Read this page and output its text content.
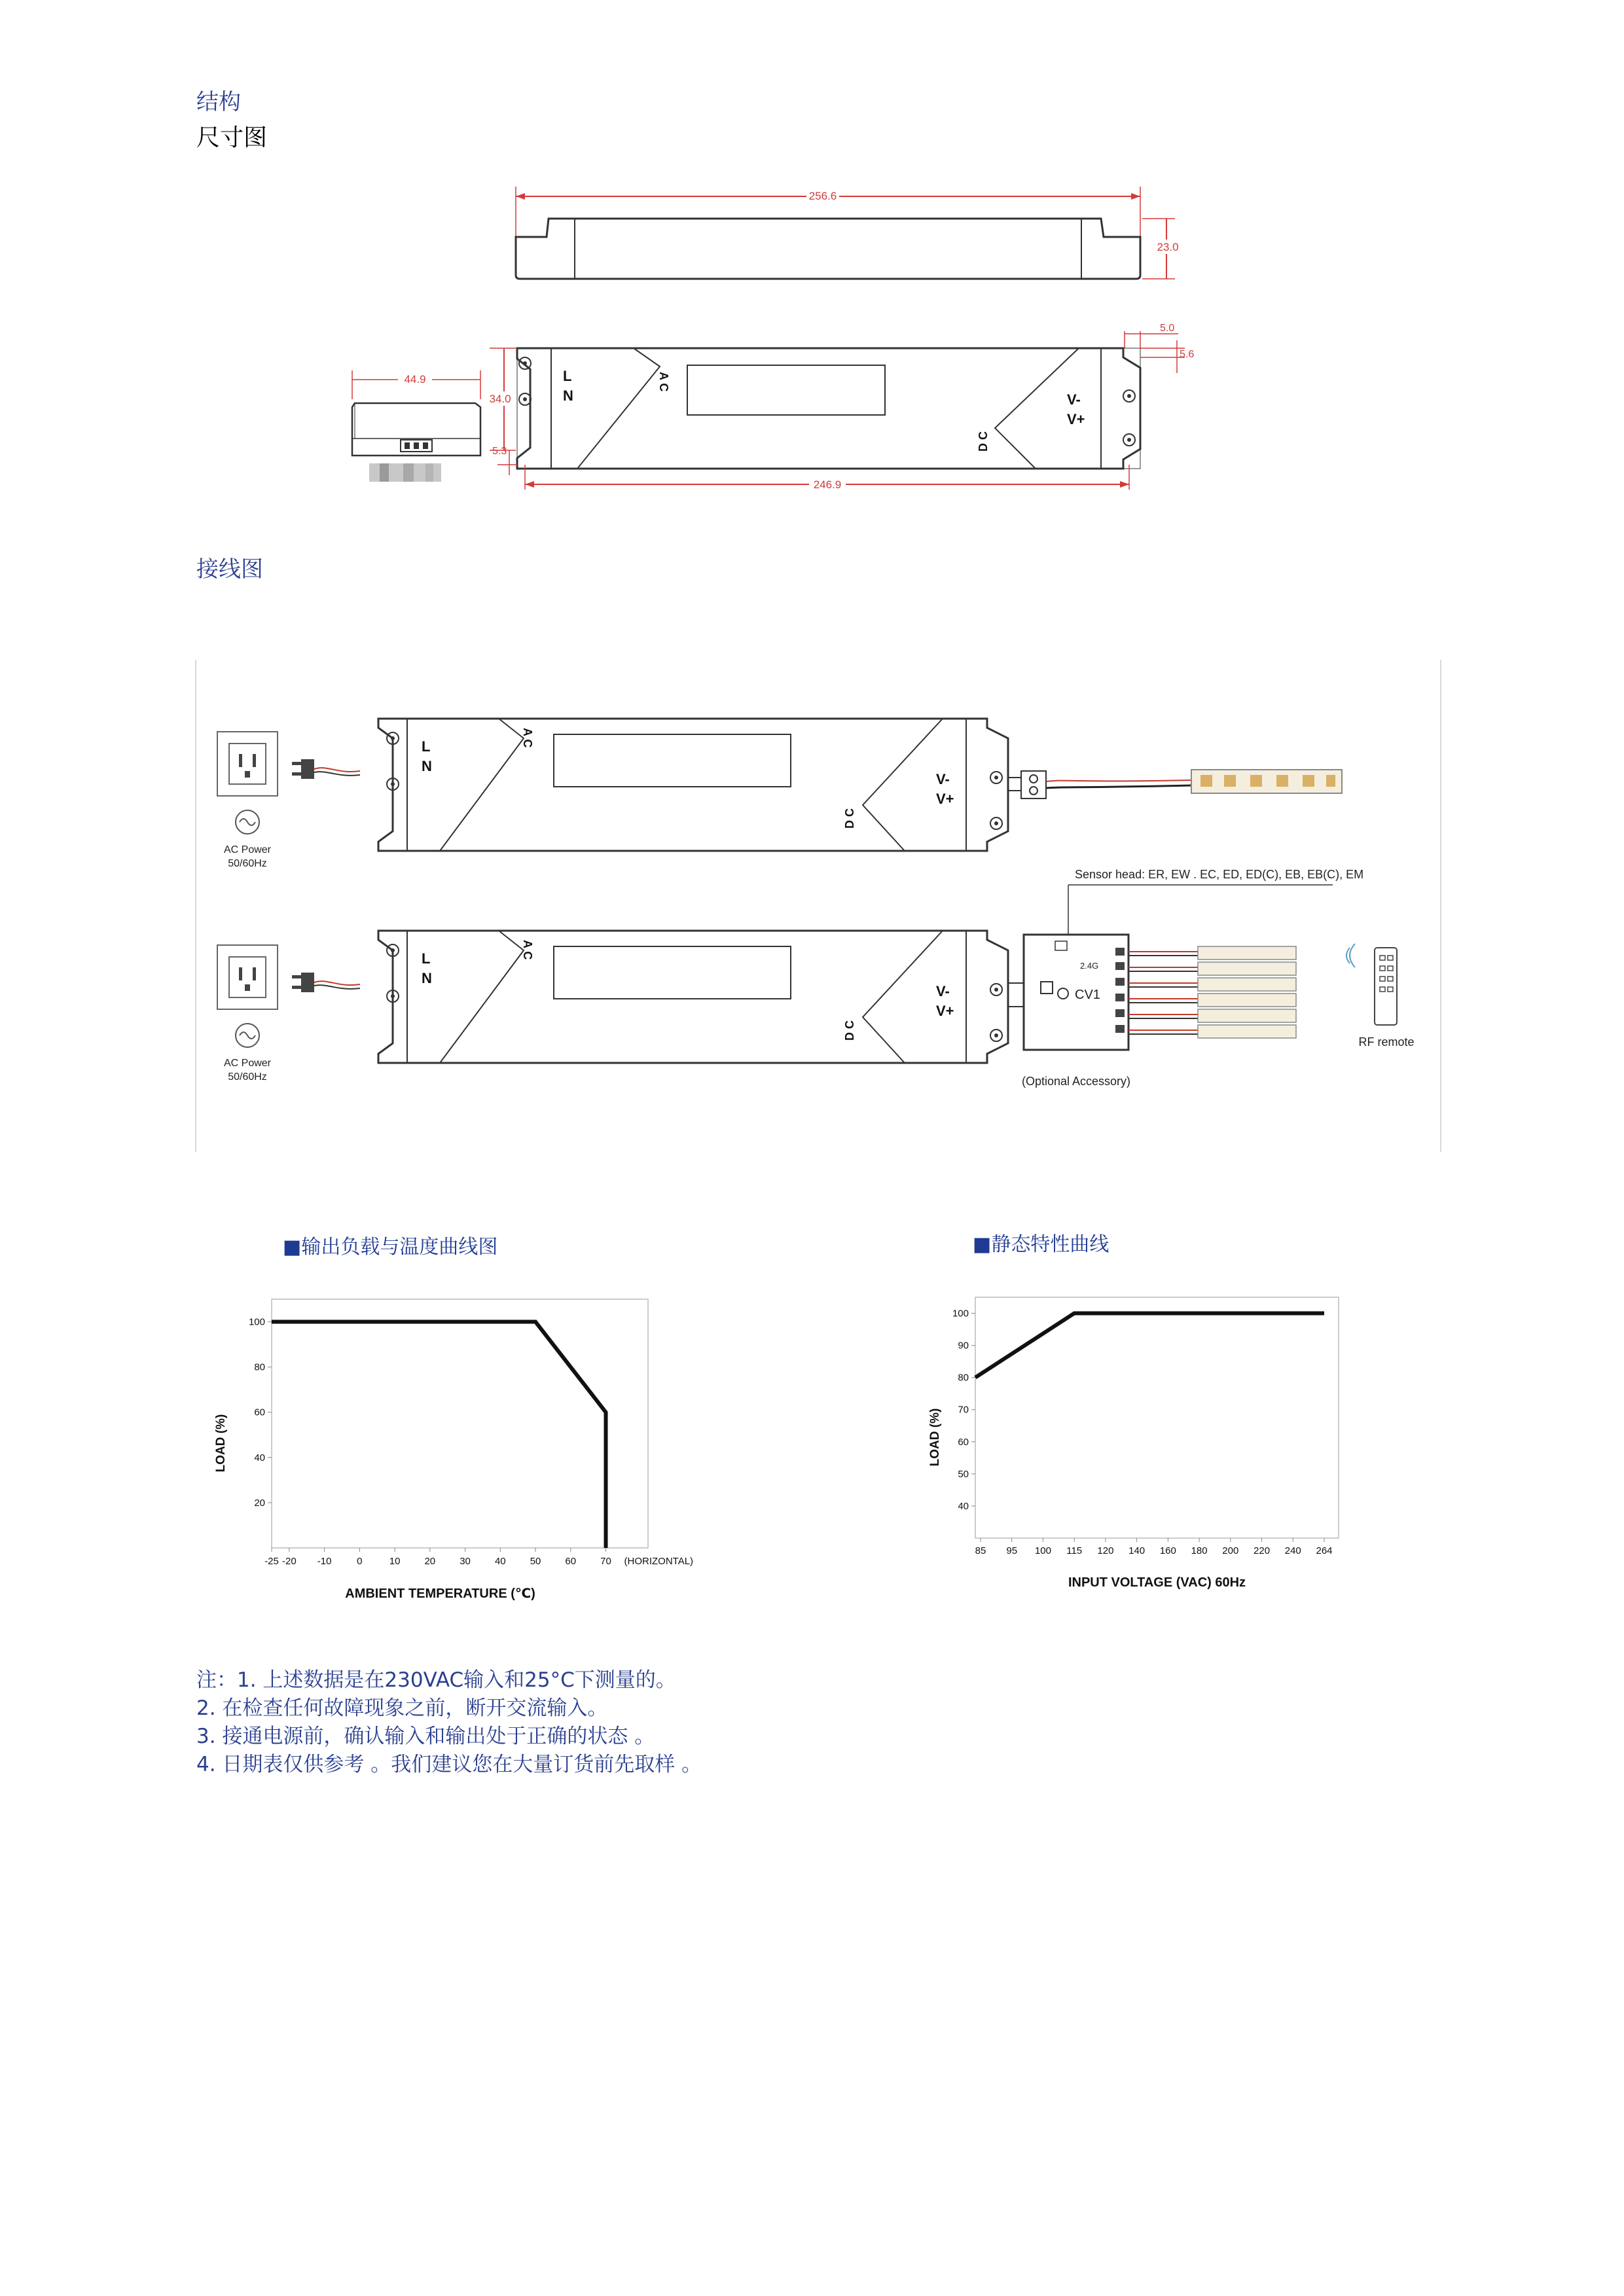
结构
尺寸图
接线图
256.6
23.0
L
N
A C
D C
V-
V+
5.0
5.6
34.0
5.3
246.9
44.9
AC Power
50/60Hz
L
N
A C
D C
V-
V+
Sensor head: ER, EW . EC, ED, ED(C), EB, EB(C), EM
AC Power
50/60Hz
L
N
A C
D C
V-
V+
2.4G
CV1
(Optional Accessory)
RF remote
■输出负载与温度曲线图	■静态特性曲线
20
40
60
80
100
-25 -20 -10	0	10 20 30 40 50 60 70 (HORIZONTAL)
LOAD (%)
AMBIENT TEMPERATURE (℃)
40
50
60
70
80
90
100
85 95 100 115 120 140 160 180 200 220 240 264
LOAD (%)
INPUT VOLTAGE (VAC) 60Hz
注：1. 上述数据是在230VAC输入和25°C下测量的。
2. 在检查任何故障现象之前，断开交流输入。
3. 接通电源前，确认输入和输出处于正确的状态 。
4. 日期表仅供参考 。我们建议您在大量订货前先取样 。
